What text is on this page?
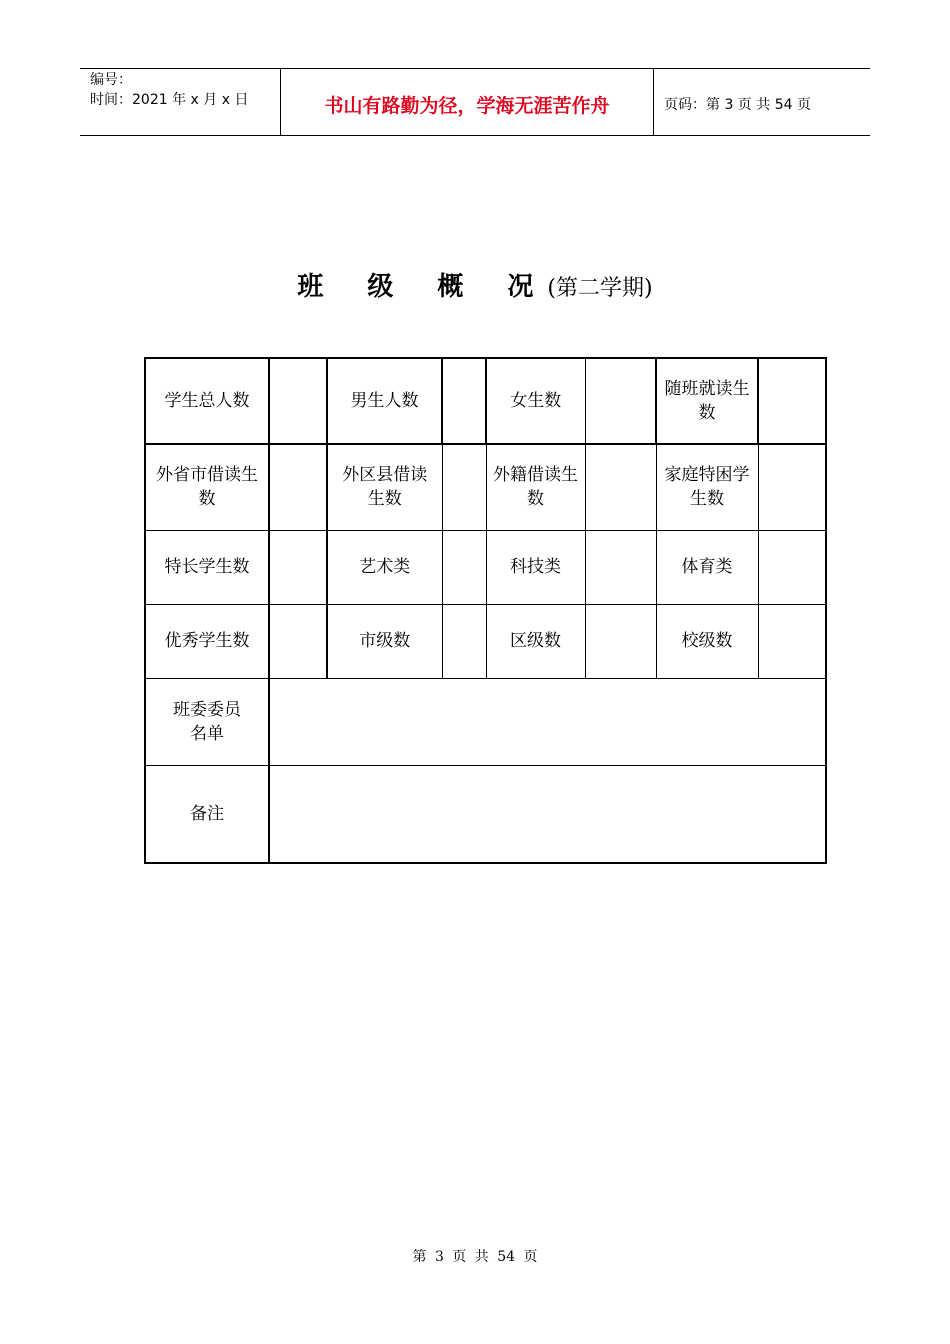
编号：
时间：2021 年 x 月 x 日	书山有路勤为径，学海无涯苦作舟	页码：第 3 页 共 54 页
班级概况(第二学期)
学生总人数		男生人数		女生数		随班就读生数	
外省市借读生数		外区县借读生数		外籍借读生数		家庭特困学生数	
特长学生数		艺术类		科技类		体育类	
优秀学生数		市级数		区级数		校级数	

班委委员
名单							

备注							
第 3 页 共 54 页
